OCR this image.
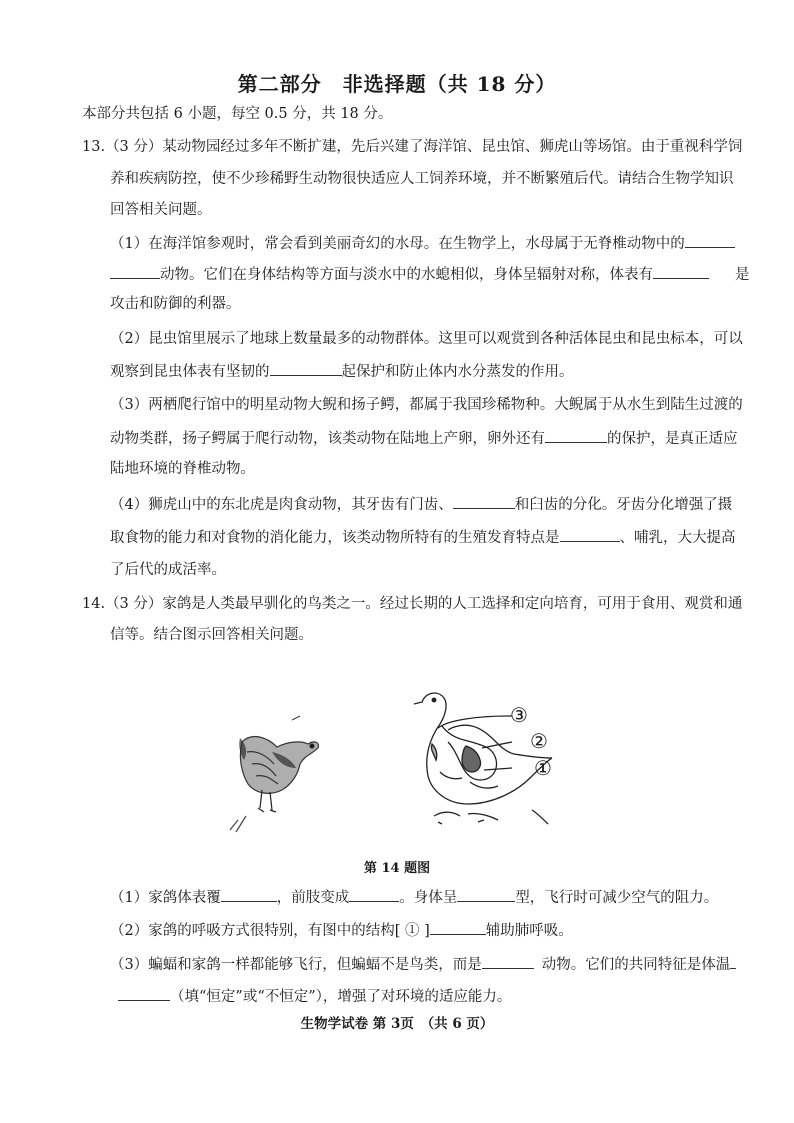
第二部分　非选择题（共 18 分）
本部分共包括 6 小题，每空 0.5 分，共 18 分。
13.（3 分）某动物园经过多年不断扩建，先后兴建了海洋馆、昆虫馆、狮虎山等场馆。由于重视科学饲
养和疾病防控，使不少珍稀野生动物很快适应人工饲养环境，并不断繁殖后代。请结合生物学知识
回答相关问题。
（1）在海洋馆参观时，常会看到美丽奇幻的水母。在生物学上，水母属于无脊椎动物中的
动物。它们在身体结构等方面与淡水中的水螅相似，身体呈辐射对称，体表有	是
攻击和防御的利器。
（2）昆虫馆里展示了地球上数量最多的动物群体。这里可以观赏到各种活体昆虫和昆虫标本，可以
观察到昆虫体表有坚韧的	起保护和防止体内水分蒸发的作用。
（3）两栖爬行馆中的明星动物大鲵和扬子鳄，都属于我国珍稀物种。大鲵属于从水生到陆生过渡的
动物类群，扬子鳄属于爬行动物，该类动物在陆地上产卵，卵外还有	的保护，是真正适应
陆地环境的脊椎动物。
（4）狮虎山中的东北虎是肉食动物，其牙齿有门齿、	和臼齿的分化。牙齿分化增强了摄
取食物的能力和对食物的消化能力，该类动物所特有的生殖发育特点是	、哺乳，大大提高
了后代的成活率。
14.（3 分）家鸽是人类最早驯化的鸟类之一。经过长期的人工选择和定向培育，可用于食用、观赏和通
信等。结合图示回答相关问题。
③
②
①
第 14 题图
（1）家鸽体表覆	，前肢变成	。身体呈	型，飞行时可减少空气的阻力。
（2）家鸽的呼吸方式很特别，有图中的结构[ ① ]	辅助肺呼吸。
（3）蝙蝠和家鸽一样都能够飞行，但蝙蝠不是鸟类，而是	动物。它们的共同特征是体温
（填“恒定”或“不恒定”），增强了对环境的适应能力。
生物学试卷 第 3页　（共 6 页）
